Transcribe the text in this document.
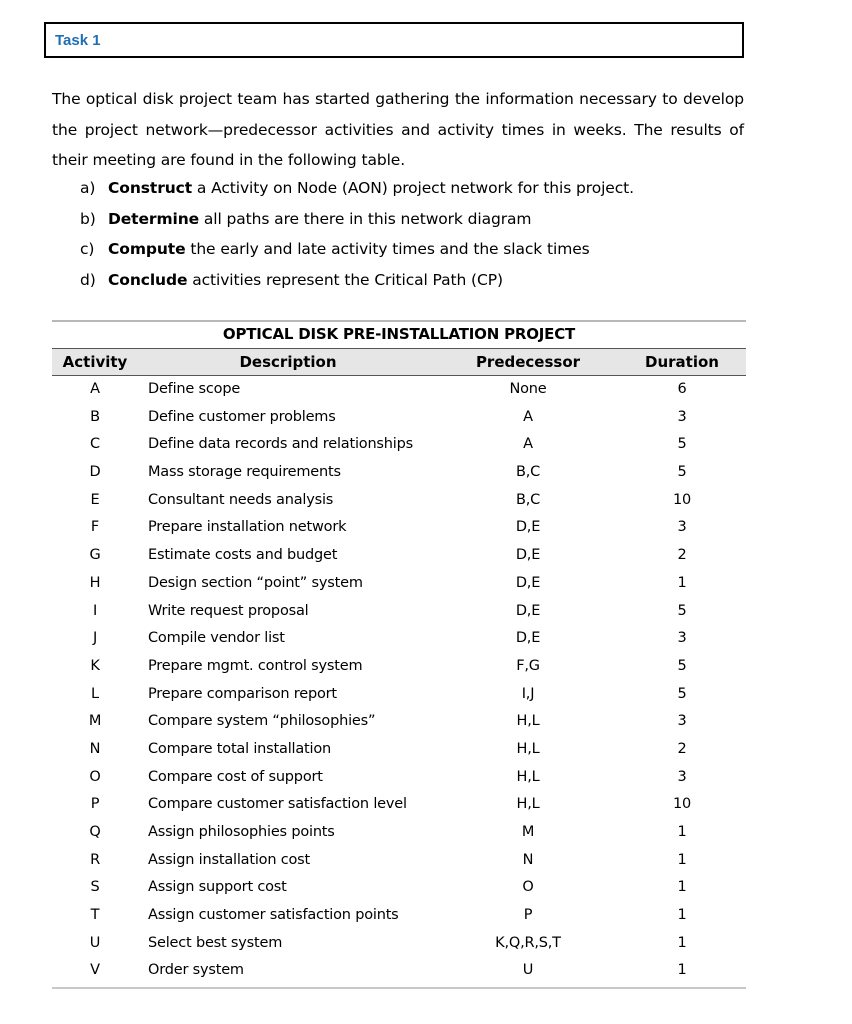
Task 1
The optical disk project team has started gathering the information necessary to develop the project network—predecessor activities and activity times in weeks. The results of their meeting are found in the following table.
a) Construct a Activity on Node (AON) project network for this project.
b) Determine all paths are there in this network diagram
c) Compute the early and late activity times and the slack times
d) Conclude activities represent the Critical Path (CP)
OPTICAL DISK PRE-INSTALLATION PROJECT
Activity	Description	Predecessor	Duration
A	Define scope	None	6
B	Define customer problems	A	3
C	Define data records and relationships	A	5
D	Mass storage requirements	B,C	5
E	Consultant needs analysis	B,C	10
F	Prepare installation network	D,E	3
G	Estimate costs and budget	D,E	2
H	Design section “point” system	D,E	1
I	Write request proposal	D,E	5
J	Compile vendor list	D,E	3
K	Prepare mgmt. control system	F,G	5
L	Prepare comparison report	I,J	5
M	Compare system “philosophies”	H,L	3
N	Compare total installation	H,L	2
O	Compare cost of support	H,L	3
P	Compare customer satisfaction level	H,L	10
Q	Assign philosophies points	M	1
R	Assign installation cost	N	1
S	Assign support cost	O	1
T	Assign customer satisfaction points	P	1
U	Select best system	K,Q,R,S,T	1
V	Order system	U	1
